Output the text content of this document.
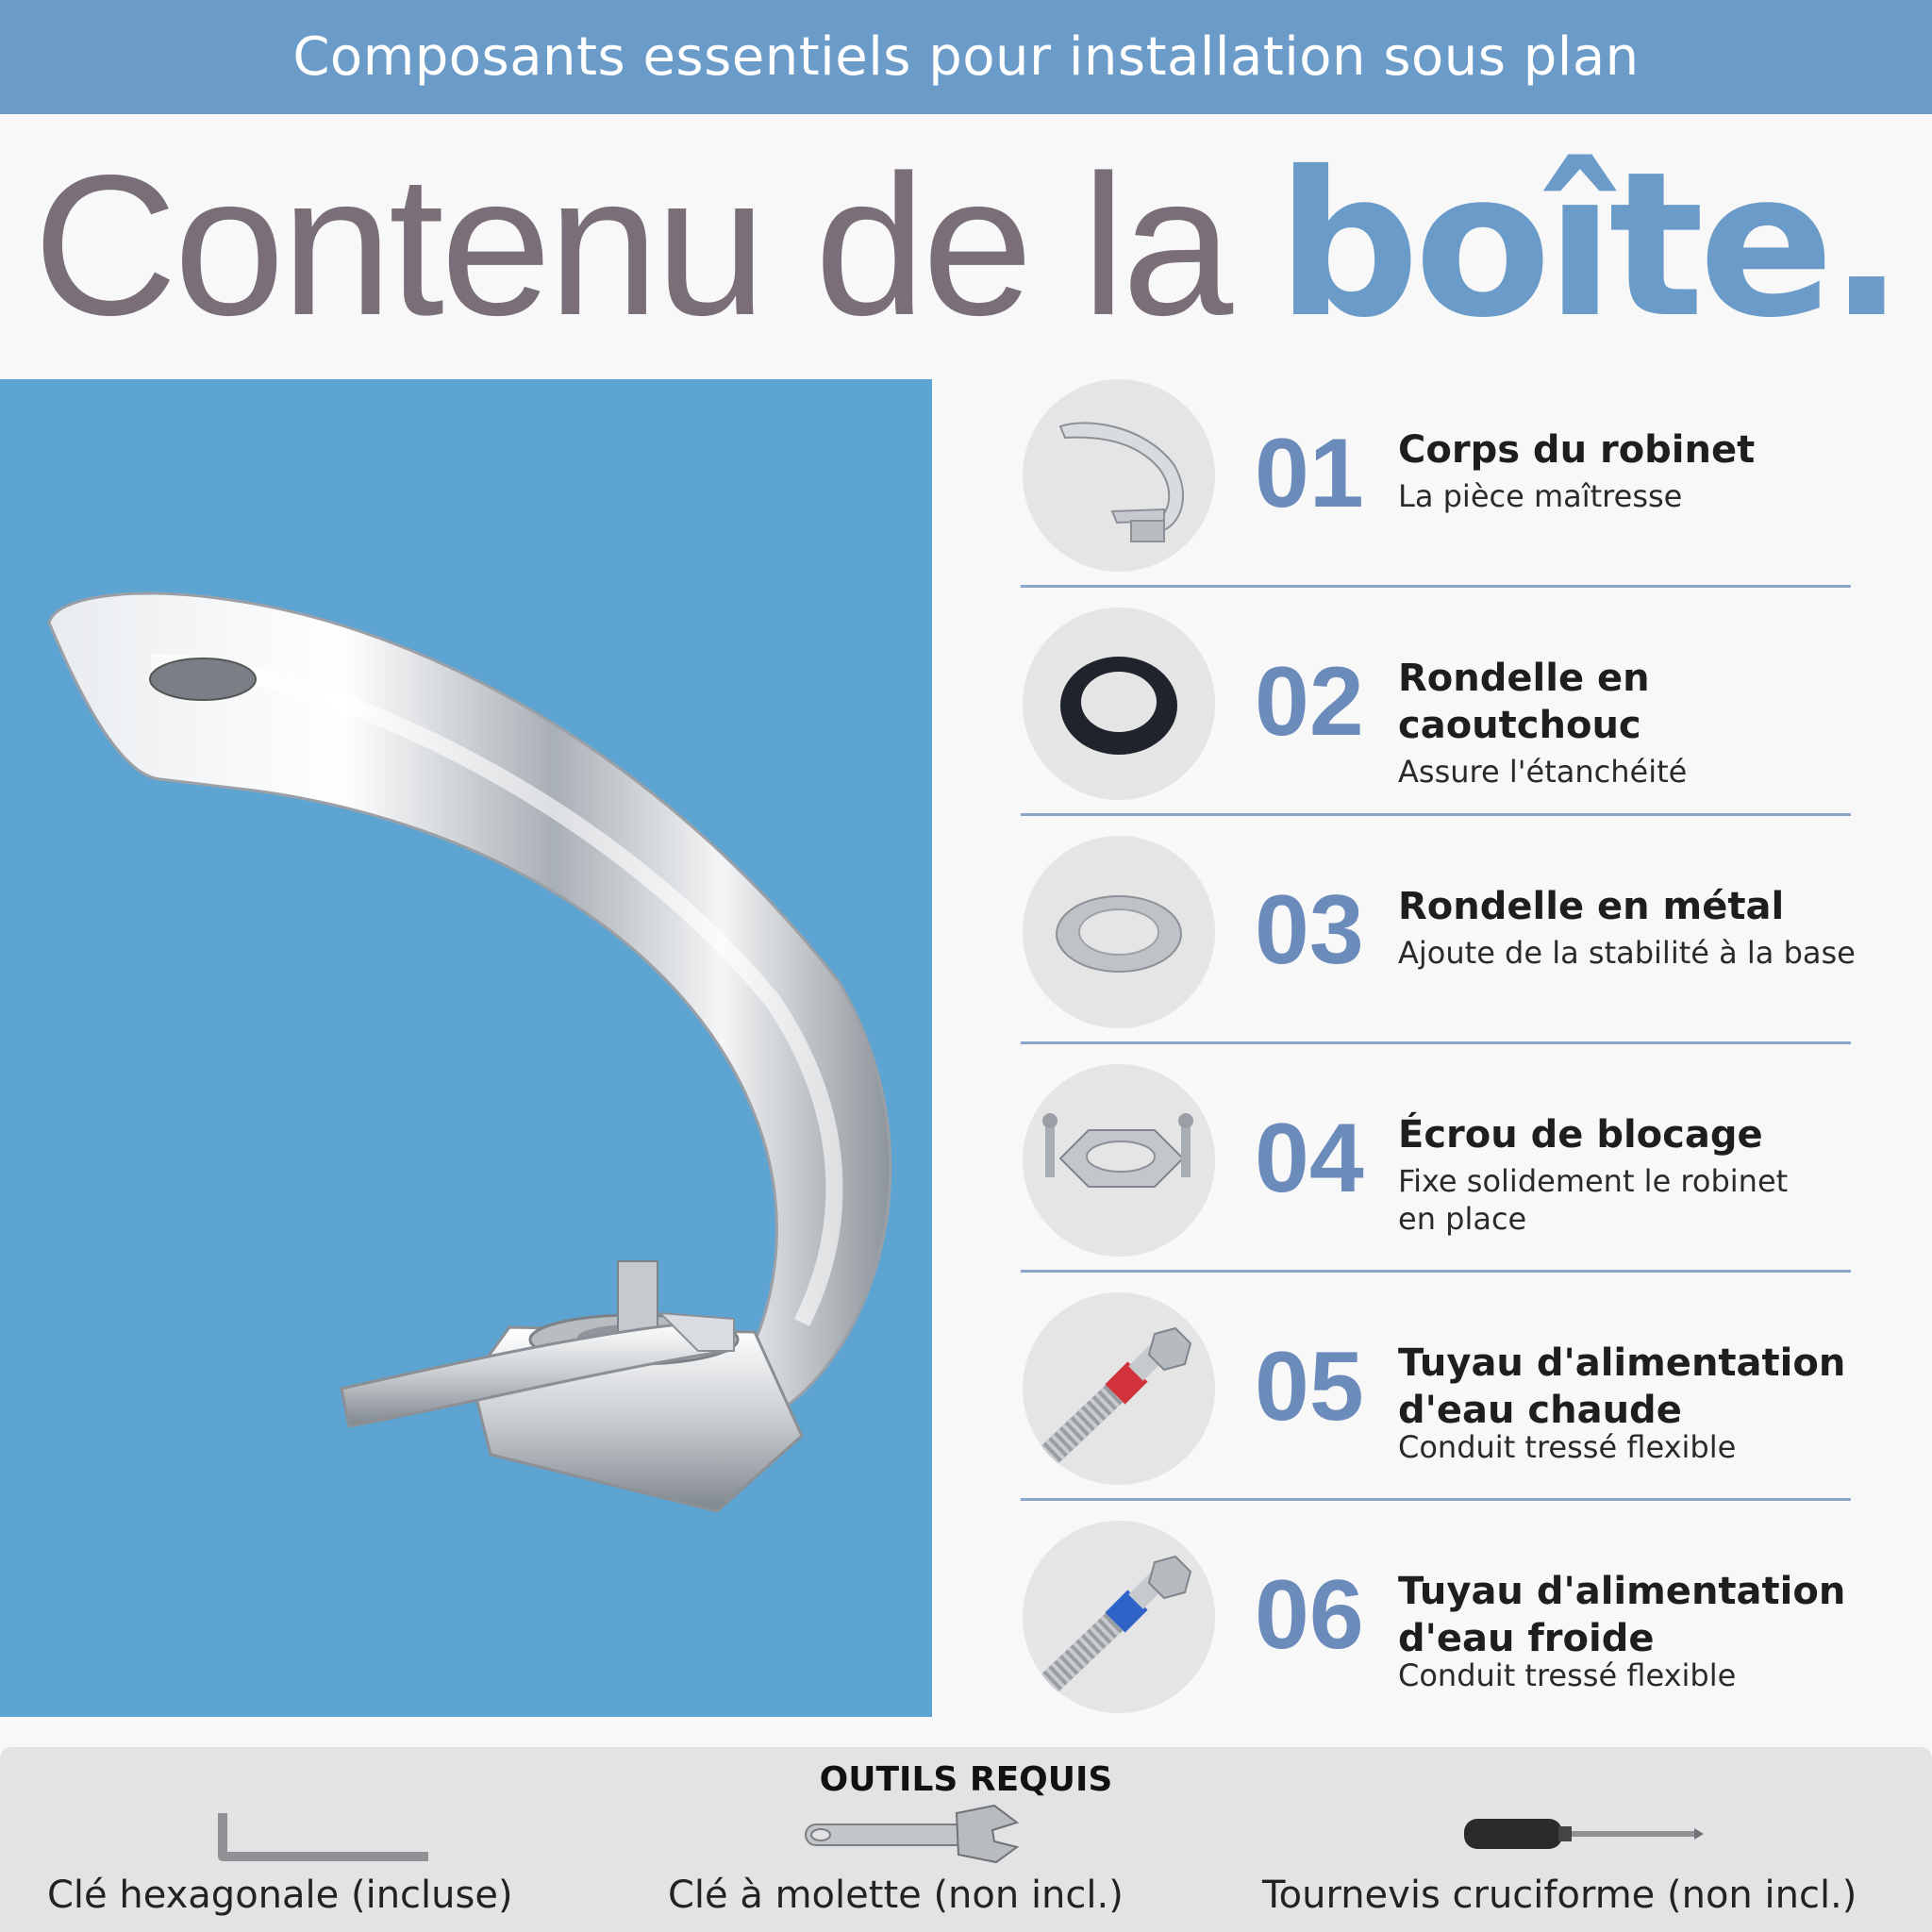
Composants essentiels pour installation sous plan
Contenu de la boîte.
01 Corps du robinet
La pièce maîtresse
02 Rondelle en caoutchouc
Assure l'étanchéité
03 Rondelle en métal
Ajoute de la stabilité à la base
04 Écrou de blocage
Fixe solidement le robinet en place
05 Tuyau d'alimentation d'eau chaude
Conduit tressé flexible
06 Tuyau d'alimentation d'eau froide
Conduit tressé flexible
OUTILS REQUIS
Clé hexagonale (incluse)	Clé à molette (non incl.)	Tournevis cruciforme (non incl.)
